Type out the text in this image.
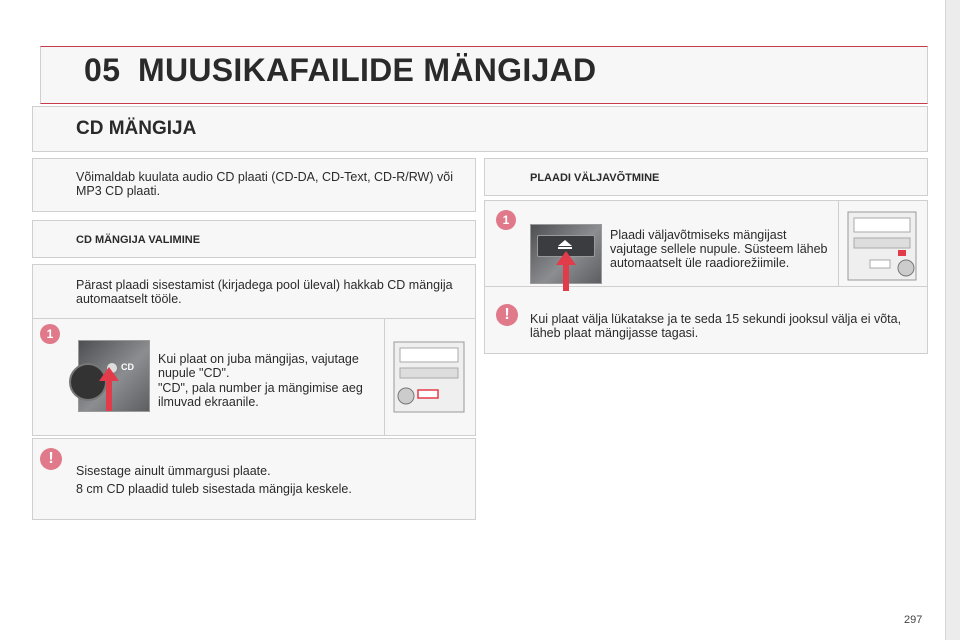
05 MUUSIKAFAILIDE MÄNGIJAD
CD MÄNGIJA
Võimaldab kuulata audio CD plaati (CD-DA, CD-Text, CD-R/RW) või MP3 CD plaati.
CD MÄNGIJA VALIMINE
Pärast plaadi sisestamist (kirjadega pool üleval) hakkab CD mängija automaatselt tööle.
1
CD
Kui plaat on juba mängijas, vajutage nupule "CD".
"CD", pala number ja mängimise aeg ilmuvad ekraanile.
!
Sisestage ainult ümmargusi plaate.
8 cm CD plaadid tuleb sisestada mängija keskele.
PLAADI VÄLJAVÕTMINE
1
Plaadi väljavõtmiseks mängijast vajutage sellele nupule. Süsteem läheb automaatselt üle raadiorežiimile.
!	Kui plaat välja lükatakse ja te seda 15 sekundi jooksul välja ei võta, läheb plaat mängijasse tagasi.
297
